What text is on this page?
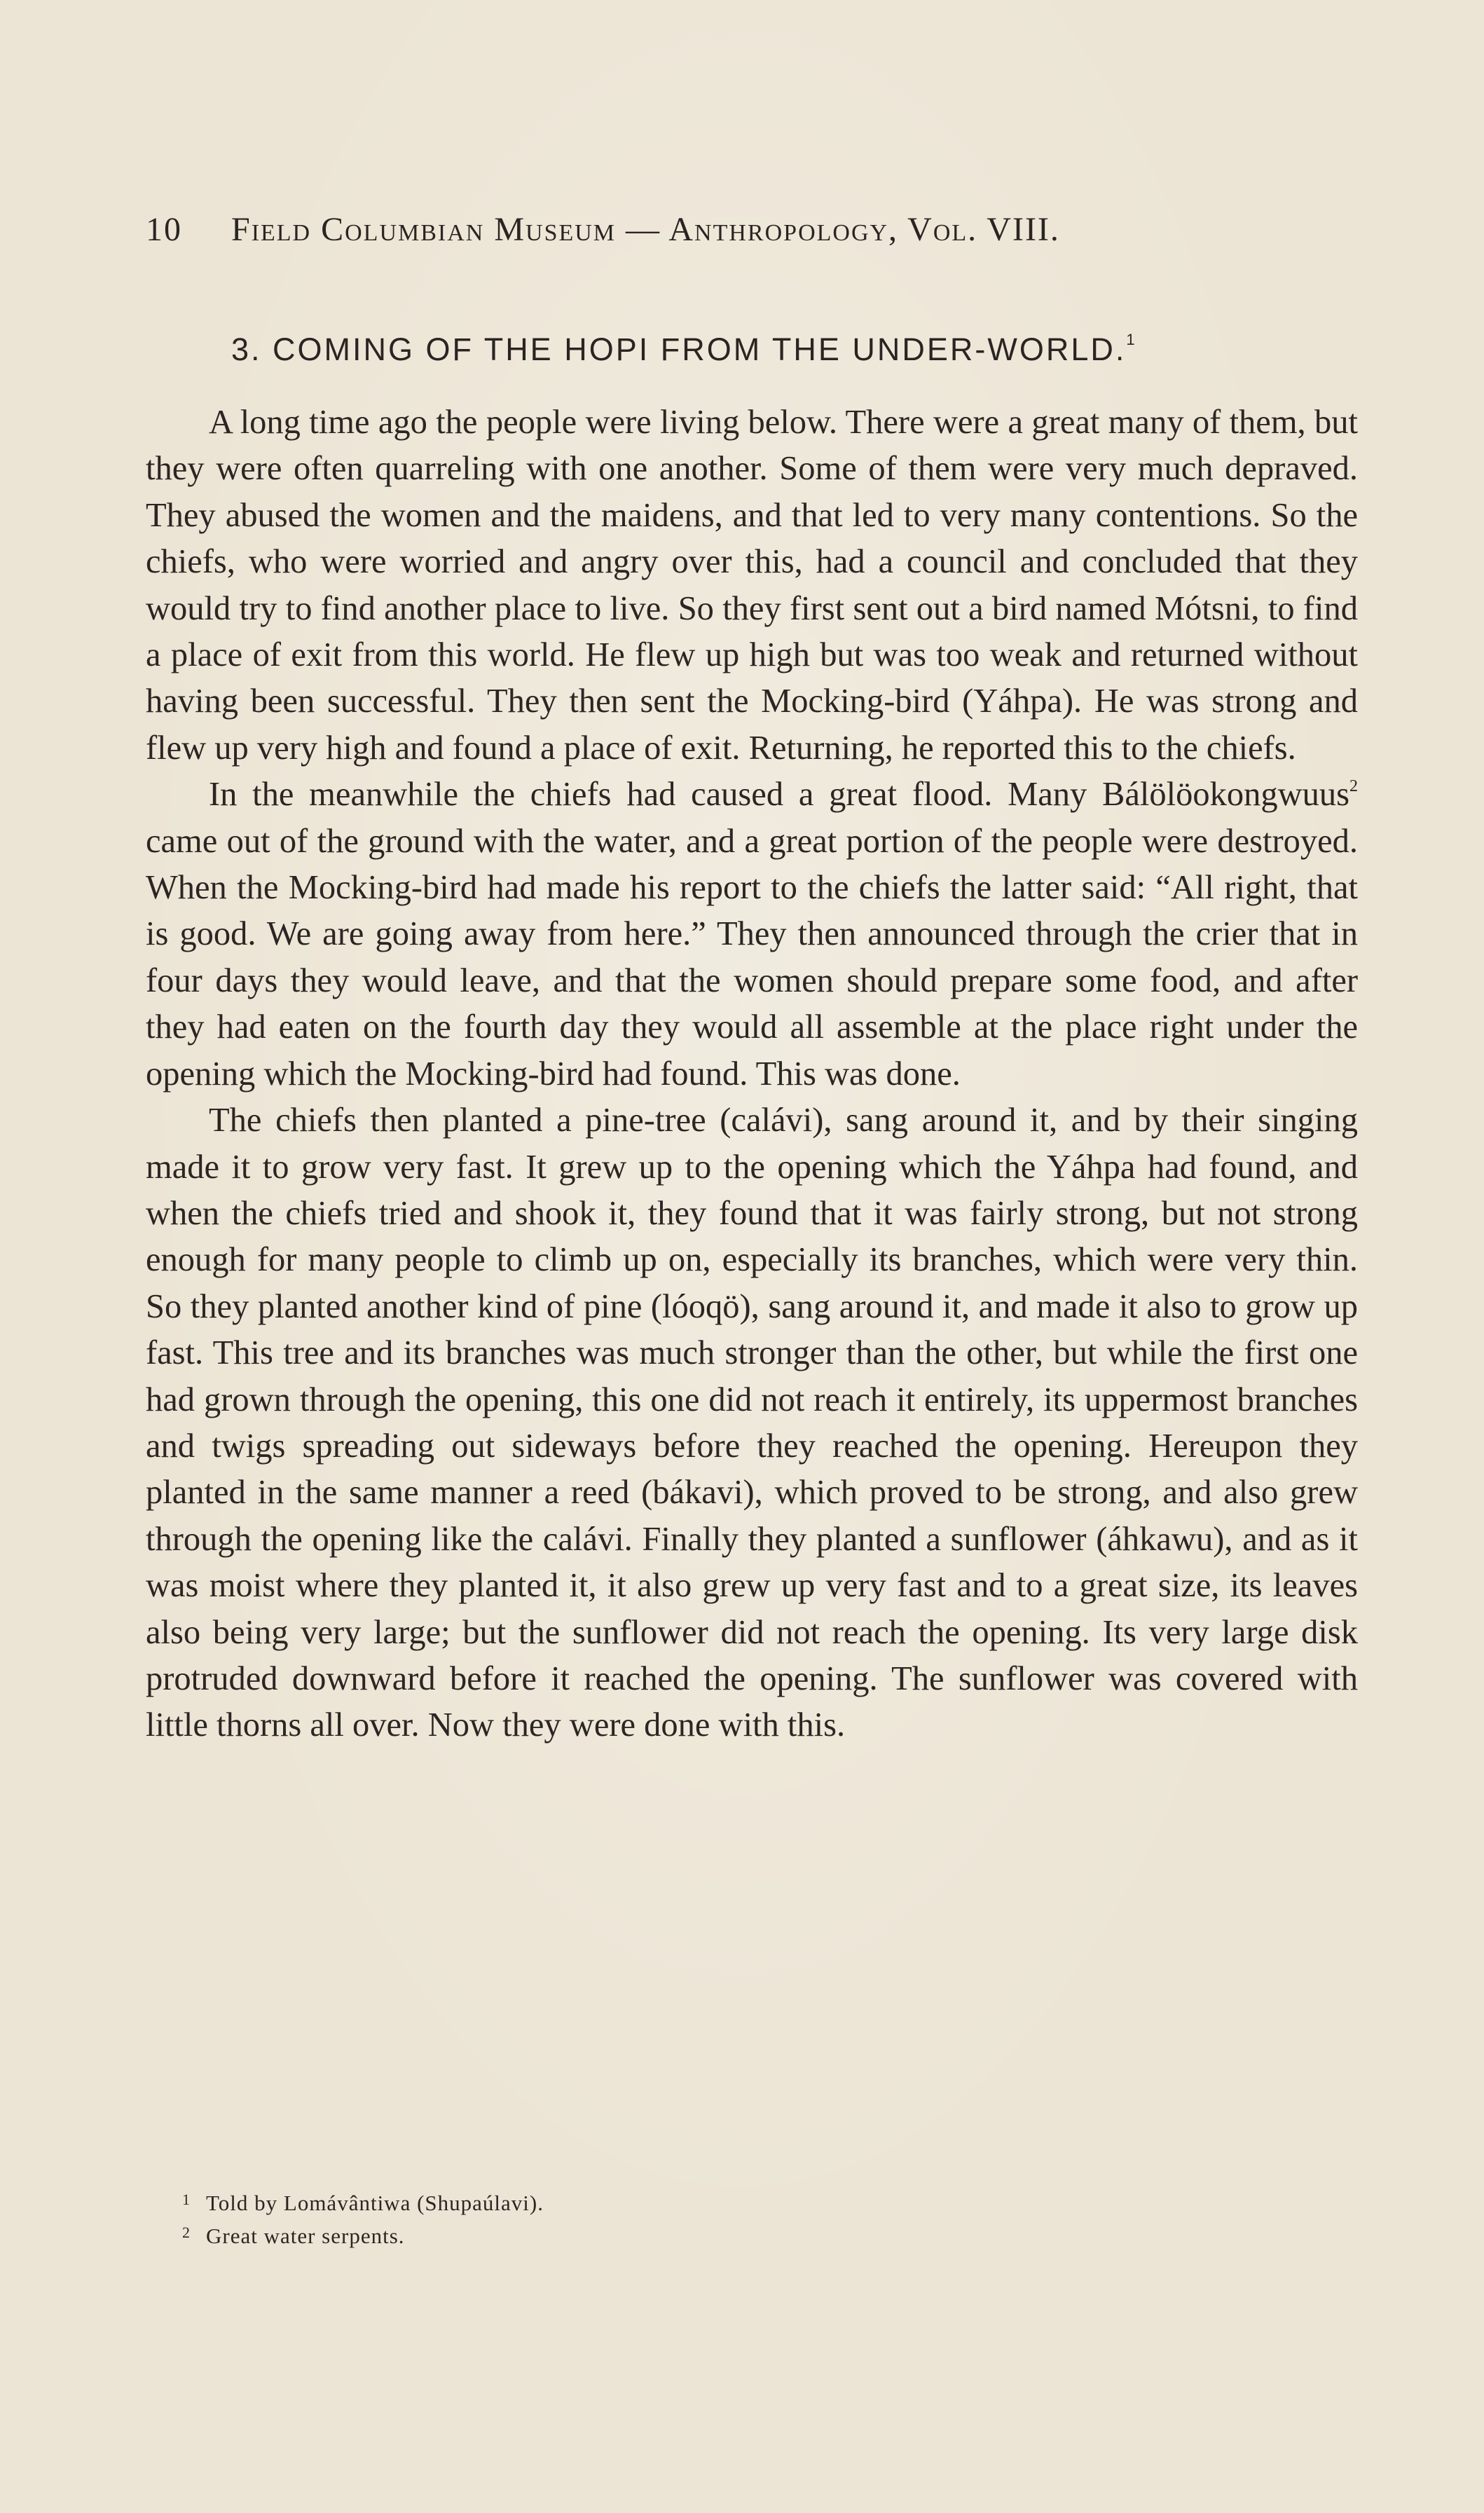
10 Field Columbian Museum — Anthropology, Vol. VIII.
3. COMING OF THE HOPI FROM THE UNDER-WORLD.$^1$

A long time ago the people were living below. There were a great many of them, but they were often quarreling with one another. Some of them were very much depraved. They abused the women and the maidens, and that led to very many contentions. So the chiefs, who were worried and angry over this, had a council and concluded that they would try to find another place to live. So they first sent out a bird named Mótsni, to find a place of exit from this world. He flew up high but was too weak and returned without having been successful. They then sent the Mocking-bird (Yáhpa). He was strong and flew up very high and found a place of exit. Returning, he reported this to the chiefs.

In the meanwhile the chiefs had caused a great flood. Many Bálölöokongwuus$^2$ came out of the ground with the water, and a great portion of the people were destroyed. When the Mocking-bird had made his report to the chiefs the latter said: “All right, that is good. We are going away from here.” They then announced through the crier that in four days they would leave, and that the women should prepare some food, and after they had eaten on the fourth day they would all assemble at the place right under the opening which the Mocking-bird had found. This was done.

The chiefs then planted a pine-tree (calávi), sang around it, and by their singing made it to grow very fast. It grew up to the opening which the Yáhpa had found, and when the chiefs tried and shook it, they found that it was fairly strong, but not strong enough for many people to climb up on, especially its branches, which were very thin. So they planted another kind of pine (lóoqö), sang around it, and made it also to grow up fast. This tree and its branches was much stronger than the other, but while the first one had grown through the opening, this one did not reach it entirely, its uppermost branches and twigs spreading out sideways before they reached the opening. Hereupon they planted in the same manner a reed (bákavi), which proved to be strong, and also grew through the opening like the calávi. Finally they planted a sunflower (áhkawu), and as it was moist where they planted it, it also grew up very fast and to a great size, its leaves also being very large; but the sunflower did not reach the opening. Its very large disk protruded downward before it reached the opening. The sunflower was covered with little thorns all over. Now they were done with this.

1 Told by Lomávântiwa (Shupaúlavi).
2 Great water serpents.
